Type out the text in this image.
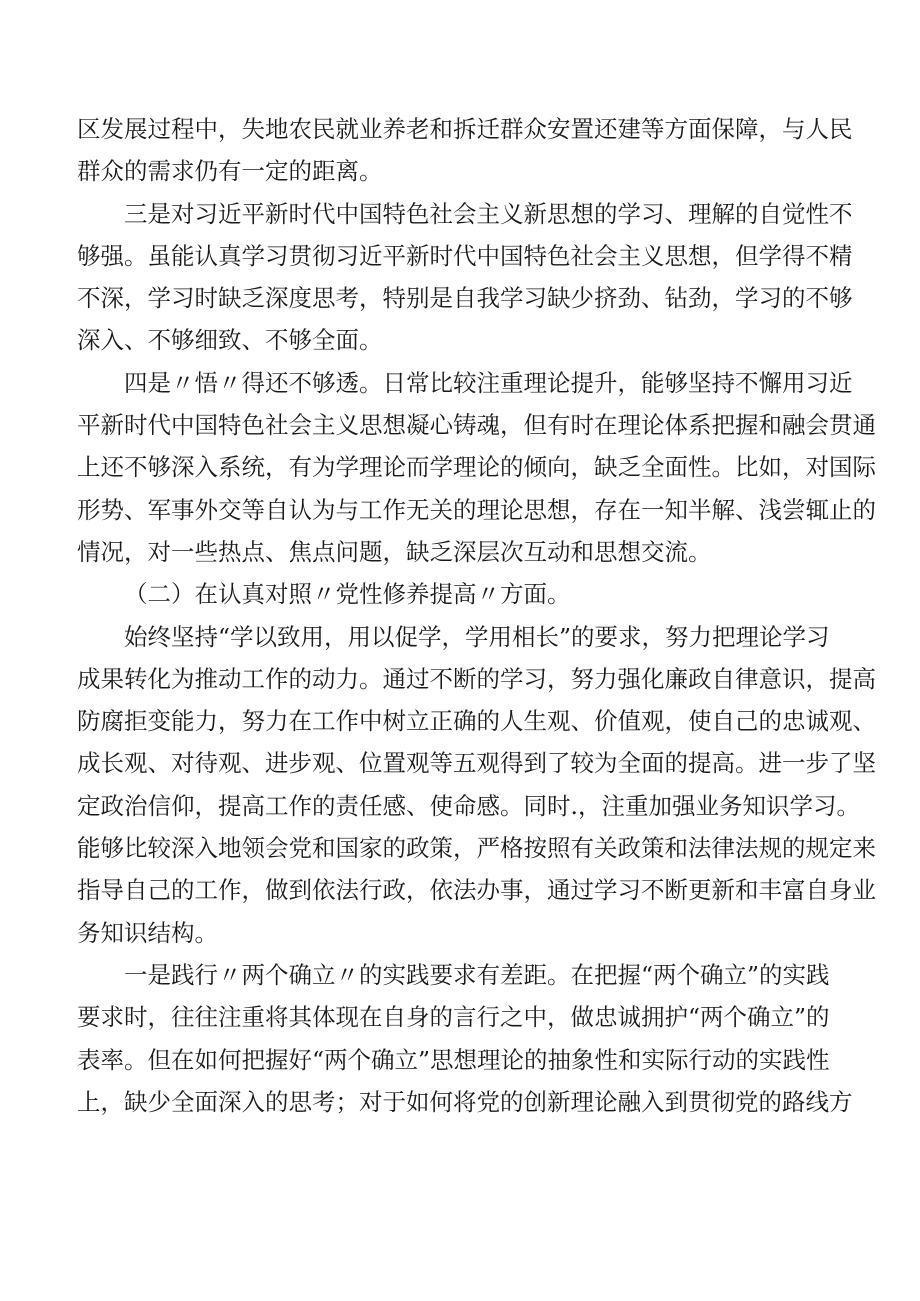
区发展过程中，失地农民就业养老和拆迁群众安置还建等方面保障，与人民
群众的需求仍有一定的距离。
三是对习近平新时代中国特色社会主义新思想的学习、理解的自觉性不
够强。虽能认真学习贯彻习近平新时代中国特色社会主义思想，但学得不精
不深，学习时缺乏深度思考，特别是自我学习缺少挤劲、钻劲，学习的不够
深入、不够细致、不够全面。
四是〃悟〃得还不够透。日常比较注重理论提升，能够坚持不懈用习近
平新时代中国特色社会主义思想凝心铸魂，但有时在理论体系把握和融会贯通
上还不够深入系统，有为学理论而学理论的倾向，缺乏全面性。比如，对国际
形势、军事外交等自认为与工作无关的理论思想，存在一知半解、浅尝辄止的
情况，对一些热点、焦点问题，缺乏深层次互动和思想交流。
（二）在认真对照〃党性修养提高〃方面。
始终坚持“学以致用，用以促学，学用相长”的要求，努力把理论学习
成果转化为推动工作的动力。通过不断的学习，努力强化廉政自律意识，提高
防腐拒变能力，努力在工作中树立正确的人生观、价值观，使自己的忠诚观、
成长观、对待观、进步观、位置观等五观得到了较为全面的提高。进一步了坚
定政治信仰，提高工作的责任感、使命感。同时.，注重加强业务知识学习。
能够比较深入地领会党和国家的政策，严格按照有关政策和法律法规的规定来
指导自己的工作，做到依法行政，依法办事，通过学习不断更新和丰富自身业
务知识结构。
一是践行〃两个确立〃的实践要求有差距。在把握“两个确立”的实践
要求时，往往注重将其体现在自身的言行之中，做忠诚拥护“两个确立”的
表率。但在如何把握好“两个确立”思想理论的抽象性和实际行动的实践性
上，缺少全面深入的思考；对于如何将党的创新理论融入到贯彻党的路线方
